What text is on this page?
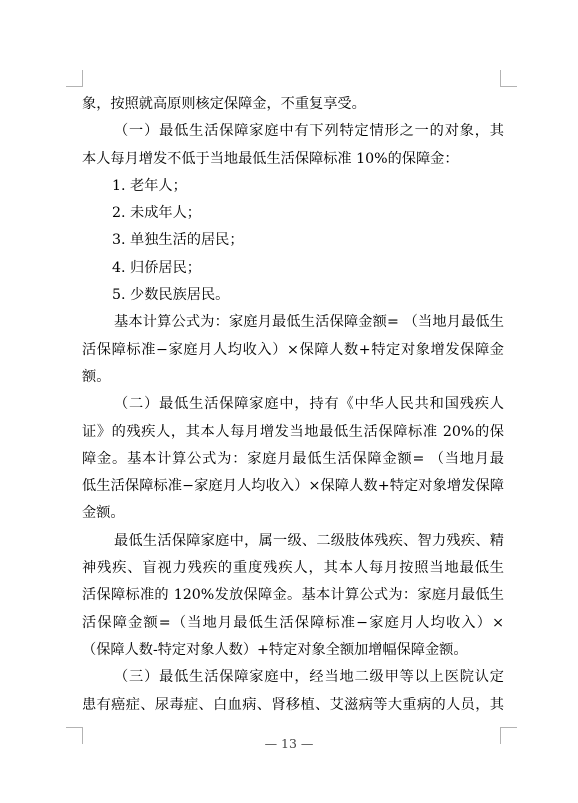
象，按照就高原则核定保障金，不重复享受。
（一）最低生活保障家庭中有下列特定情形之一的对象，其
本人每月增发不低于当地最低生活保障标准 10%的保障金：
1. 老年人；
2. 未成年人；
3. 单独生活的居民；
4. 归侨居民；
5. 少数民族居民。
基本计算公式为：家庭月最低生活保障金额= （当地月最低生
活保障标准−家庭月人均收入）×保障人数+特定对象增发保障金
额。
（二）最低生活保障家庭中，持有《中华人民共和国残疾人
证》的残疾人，其本人每月增发当地最低生活保障标准 20%的保
障金。基本计算公式为：家庭月最低生活保障金额= （当地月最
低生活保障标准−家庭月人均收入）×保障人数+特定对象增发保障
金额。
最低生活保障家庭中，属一级、二级肢体残疾、智力残疾、精
神残疾、盲视力残疾的重度残疾人，其本人每月按照当地最低生
活保障标准的 120%发放保障金。基本计算公式为：家庭月最低生
活保障金额=（当地月最低生活保障标准−家庭月人均收入）×
（保障人数-特定对象人数）+特定对象全额加增幅保障金额。
（三）最低生活保障家庭中，经当地二级甲等以上医院认定
患有癌症、尿毒症、白血病、肾移植、艾滋病等大重病的人员，其
— 13 —
